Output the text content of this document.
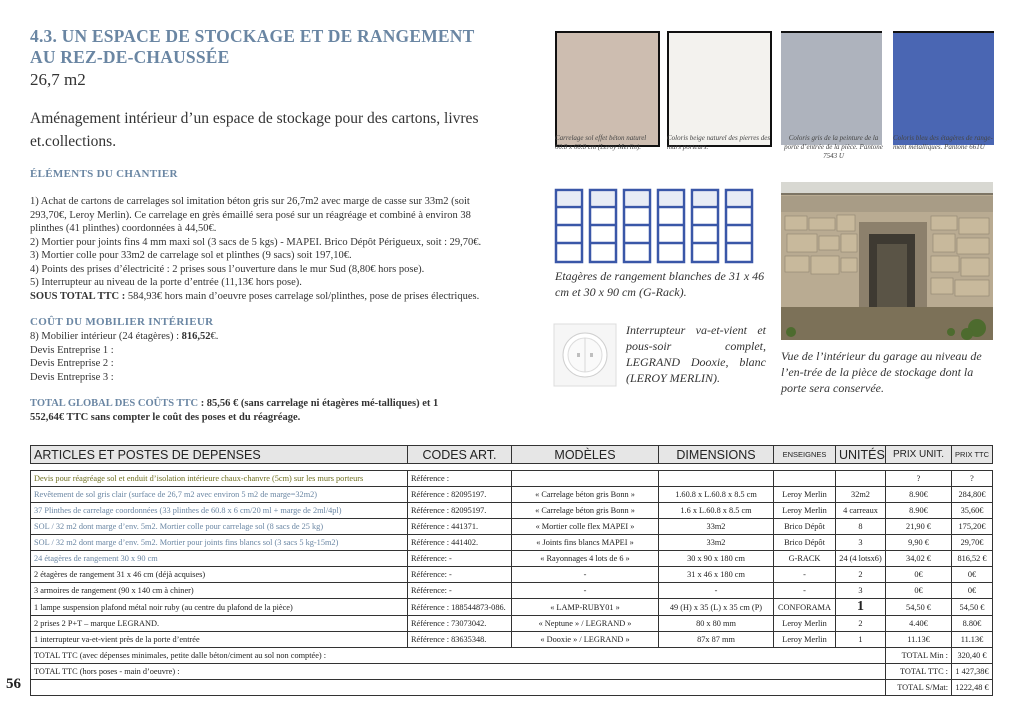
4.3. UN ESPACE DE STOCKAGE ET DE RANGEMENT AU REZ-DE-CHAUSSÉE
26,7 m2
Aménagement intérieur d’un espace de stockage pour des cartons, livres et.collections.
ÉLÉMENTS DU CHANTIER
1) Achat de cartons de carrelages sol imitation béton gris sur 26,7m2 avec marge de casse sur 33m2 (soit 293,70€, Leroy Merlin). Ce carrelage en grès émaillé sera posé sur un réagréage et combiné à environ 38 plinthes (41 plinthes) coordonnées à 44,50€.
2) Mortier pour joints fins 4 mm maxi sol (3 sacs de 5 kgs) - MAPEI. Brico Dépôt Périgueux, soit : 29,70€.
3) Mortier colle pour 33m2 de carrelage sol et plinthes (9 sacs) soit 197,10€.
4) Points des prises d’électricité : 2 prises sous l’ouverture dans le mur Sud (8,80€ hors pose).
5) Interrupteur au niveau de la porte d’entrée (11,13€ hors pose).
SOUS TOTAL TTC : 584,93€ hors main d’oeuvre poses carrelage sol/plinthes, pose de prises électriques.
COÛT DU MOBILIER INTÉRIEUR
8) Mobilier intérieur (24 étagères) : 816,52€.
Devis Entreprise 1 :
Devis Entreprise 2 :
Devis Entreprise 3 :
TOTAL GLOBAL DES COÛTS TTC : 85,56 € (sans carrelage ni étagères mé-talliques) et 1 552,64€ TTC sans compter le coût des poses et du réagréage.
Carrelage sol effet béton naturel 60.8 x 60.8 cm (Leroy Merlin).
Coloris beige naturel des pierres des murs porteurs.
Coloris gris de la peinture de la porte d’entrée de la pièce. Pantone 7543 U
Coloris bleu des étagères de range-ment métalliques. Pantone 661U
Etagères de rangement blanches de 31 x 46 cm et 30 x 90 cm (G-Rack).
Interrupteur va-et-vient et pous-soir complet, LEGRAND Dooxie, blanc (LEROY MERLIN).
Vue de l’intérieur du garage au niveau de l’en-trée de la pièce de stockage dont la porte sera conservée.
ARTICLES ET POSTES DE DEPENSES	CODES ART.	MODÈLES	DIMENSIONS	ENSEIGNES	UNITÉS	PRIX UNIT.	PRIX TTC

Devis pour réagréage sol et enduit d’isolation intérieure chaux-chanvre (5cm) sur les murs porteurs	Référence :					?	?
Revêtement de sol gris clair (surface de 26,7 m2 avec environ 5 m2 de marge=32m2)	Référence : 82095197.	« Carrelage béton gris Bonn »	1.60.8 x L.60.8 x 8.5 cm	Leroy Merlin	32m2	8.90€	284,80€
37 Plinthes de carrelage coordonnées (33 plinthes de 60.8 x 6 cm/20 ml + marge de 2ml/4pl)	Référence : 82095197.	« Carrelage béton gris Bonn »	1.6 x L.60.8 x 8.5 cm	Leroy Merlin	4 carreaux	8.90€	35,60€
SOL / 32 m2 dont marge d’env. 5m2. Mortier colle pour carrelage sol (8 sacs de 25 kg)	Référence : 441371.	« Mortier colle flex MAPEI »	33m2	Brico Dépôt	8	21,90 €	175,20€
SOL / 32 m2 dont marge d’env. 5m2. Mortier pour joints fins blancs sol (3 sacs 5 kg-15m2)	Référence : 441402.	« Joints fins blancs MAPEI »	33m2	Brico Dépôt	3	9,90 €	29,70€
24 étagères de rangement 30 x 90 cm	Référence: -	« Rayonnages 4 lots de 6 »	30 x 90 x 180 cm	G-RACK	24 (4 lotsx6)	34,02 €	816,52 €
2 étagères de rangement 31 x 46 cm (déjà acquises)	Référence: -	-	31 x 46 x 180 cm	-	2	0€	0€
3 armoires de rangement (90 x 140 cm à chiner)	Référence: -	-	-	-	3	0€	0€
1 lampe suspension plafond métal noir ruby (au centre du plafond de la pièce)	Référence : 188544873-086.	« LAMP-RUBY01 »	49 (H) x 35 (L) x 35 cm (P)	CONFORAMA	1	54,50 €	54,50 €
2 prises 2 P+T – marque LEGRAND.	Référence : 73073042.	« Neptune » / LEGRAND »	80 x 80 mm	Leroy Merlin	2	4.40€	8.80€
1 interrupteur va-et-vient près de la porte d’entrée	Référence : 83635348.	« Dooxie » / LEGRAND »	87x 87 mm	Leroy Merlin	1	11.13€	11.13€
TOTAL TTC (avec dépenses minimales, petite dalle béton/ciment au sol non comptée) :						TOTAL Min :	320,40 €
TOTAL TTC (hors poses - main d’oeuvre) :						TOTAL TTC :	1 427,38€
						TOTAL S/Mat:	1222,48 €
56
